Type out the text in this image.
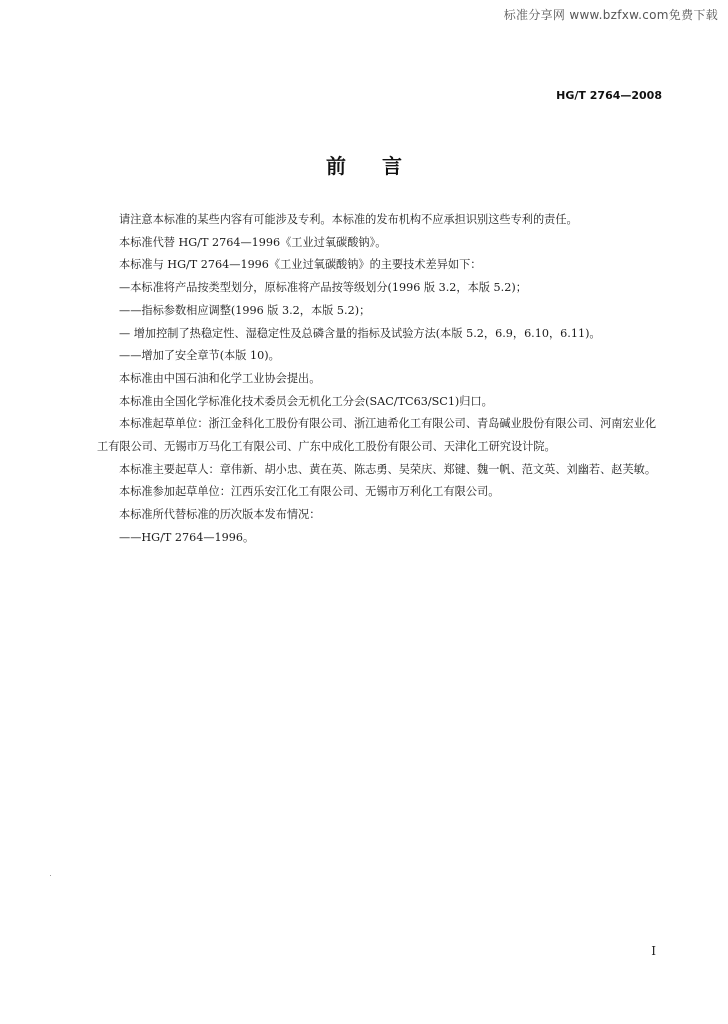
标准分享网 www.bzfxw.com免费下载
HG/T 2764—2008
前言

请注意本标准的某些内容有可能涉及专利。本标准的发布机构不应承担识别这些专利的责任。

本标准代替 HG/T 2764—1996《工业过氧碳酸钠》。

本标准与 HG/T 2764—1996《工业过氧碳酸钠》的主要技术差异如下：

—本标准将产品按类型划分，原标准将产品按等级划分(1996 版 3.2，本版 5.2)；

——指标参数相应调整(1996 版 3.2，本版 5.2)；

— 增加控制了热稳定性、湿稳定性及总磷含量的指标及试验方法(本版 5.2，6.9，6.10，6.11)。

——增加了安全章节(本版 10)。

本标准由中国石油和化学工业协会提出。

本标准由全国化学标准化技术委员会无机化工分会(SAC/TC63/SC1)归口。

本标准起草单位：浙江金科化工股份有限公司、浙江迪希化工有限公司、青岛碱业股份有限公司、河南宏业化工有限公司、无锡市万马化工有限公司、广东中成化工股份有限公司、天津化工研究设计院。

本标准主要起草人：章伟新、胡小忠、黄在英、陈志勇、吴荣庆、郑键、魏一帆、范文英、刘幽若、赵芙敏。

本标准参加起草单位：江西乐安江化工有限公司、无锡市万利化工有限公司。

本标准所代替标准的历次版本发布情况：

——HG/T 2764—1996。

I
